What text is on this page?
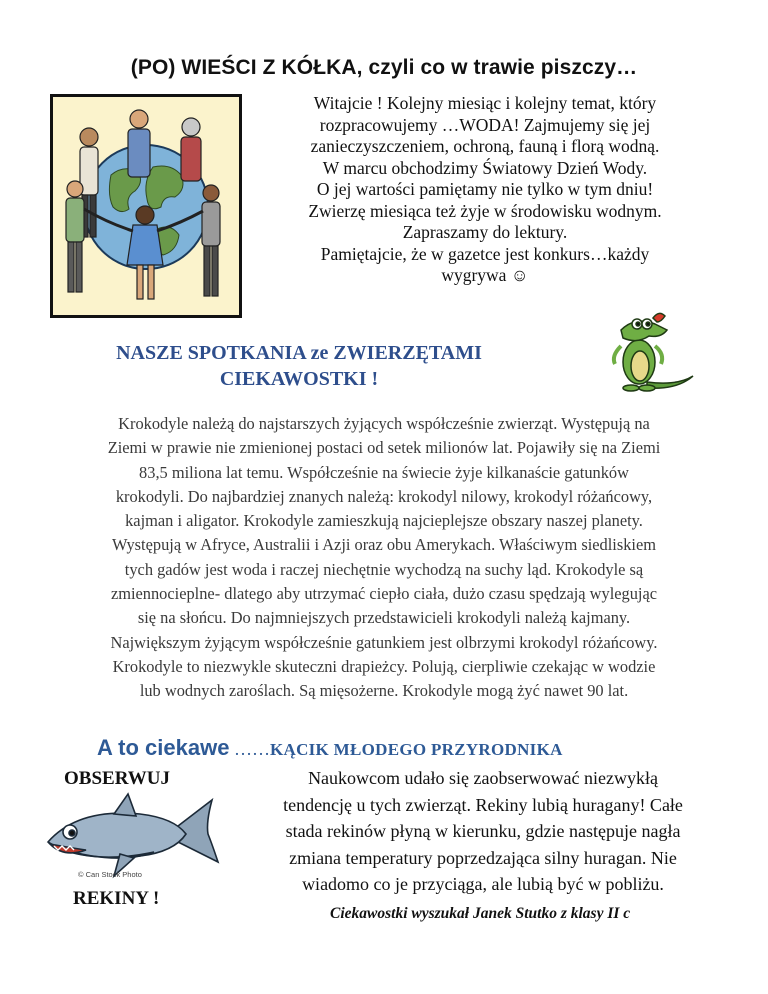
(PO) WIEŚCI Z KÓŁKA, czyli co w trawie piszczy…
Witajcie ! Kolejny miesiąc i kolejny temat, który
rozpracowujemy …WODA! Zajmujemy się jej
zanieczyszczeniem, ochroną, fauną i florą wodną.
W marcu obchodzimy Światowy Dzień Wody.
O jej wartości pamiętamy nie tylko w tym dniu!
Zwierzę miesiąca też żyje w środowisku wodnym.
Zapraszamy do lektury.
Pamiętajcie, że w gazetce jest konkurs…każdy
wygrywa ☺
NASZE SPOTKANIA ze ZWIERZĘTAMI
CIEKAWOSTKI !
Krokodyle należą do najstarszych żyjących współcześnie zwierząt. Występują na
Ziemi w prawie nie zmienionej postaci od setek milionów lat. Pojawiły się na Ziemi
83,5 miliona lat temu. Współcześnie na świecie żyje kilkanaście gatunków
krokodyli. Do najbardziej znanych należą: krokodyl nilowy, krokodyl różańcowy,
kajman i aligator. Krokodyle zamieszkują najcieplejsze obszary naszej planety.
Występują w Afryce, Australii i Azji oraz obu Amerykach. Właściwym siedliskiem
tych gadów jest woda i raczej niechętnie wychodzą na suchy ląd. Krokodyle są
zmiennocieplne- dlatego aby utrzymać ciepło ciała, dużo czasu spędzają wylegując
się na słońcu. Do najmniejszych przedstawicieli krokodyli należą kajmany.
Największym żyjącym współcześnie gatunkiem jest olbrzymi krokodyl różańcowy.
Krokodyle to niezwykle skuteczni drapieżcy. Polują, cierpliwie czekając w wodzie
lub wodnych zaroślach. Są mięsożerne. Krokodyle mogą żyć nawet 90 lat.
A to ciekawe ……KĄCIK MŁODEGO PRZYRODNIKA
OBSERWUJ
© Can Stock Photo
REKINY !
Naukowcom udało się zaobserwować niezwykłą
tendencję u tych zwierząt. Rekiny lubią huragany! Całe
stada rekinów płyną w kierunku, gdzie następuje nagła
zmiana temperatury poprzedzająca silny huragan. Nie
wiadomo co je przyciąga, ale lubią być w pobliżu.
Ciekawostki wyszukał Janek Stutko z klasy II c
